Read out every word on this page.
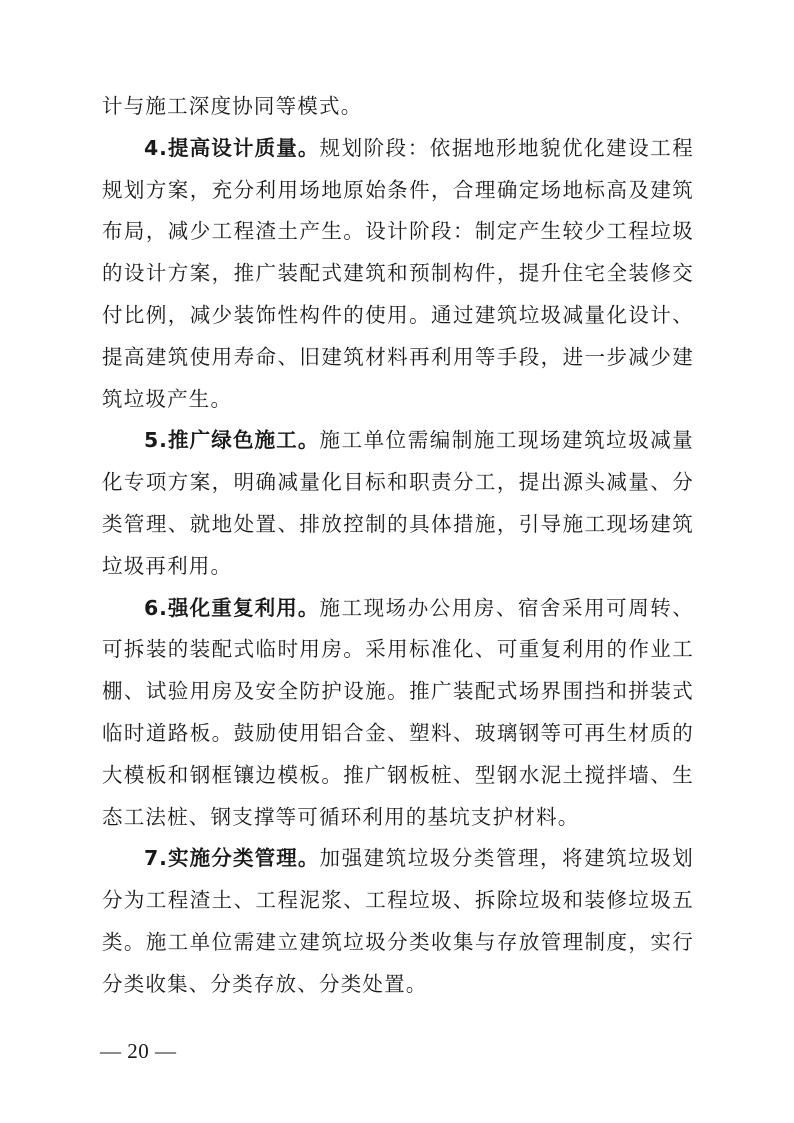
计与施工深度协同等模式。

4.提高设计质量。规划阶段：依据地形地貌优化建设工程规划方案，充分利用场地原始条件，合理确定场地标高及建筑布局，减少工程渣土产生。设计阶段：制定产生较少工程垃圾的设计方案，推广装配式建筑和预制构件，提升住宅全装修交付比例，减少装饰性构件的使用。通过建筑垃圾减量化设计、提高建筑使用寿命、旧建筑材料再利用等手段，进一步减少建筑垃圾产生。

5.推广绿色施工。施工单位需编制施工现场建筑垃圾减量化专项方案，明确减量化目标和职责分工，提出源头减量、分类管理、就地处置、排放控制的具体措施，引导施工现场建筑垃圾再利用。

6.强化重复利用。施工现场办公用房、宿舍采用可周转、可拆装的装配式临时用房。采用标准化、可重复利用的作业工棚、试验用房及安全防护设施。推广装配式场界围挡和拼装式临时道路板。鼓励使用铝合金、塑料、玻璃钢等可再生材质的大模板和钢框镶边模板。推广钢板桩、型钢水泥土搅拌墙、生态工法桩、钢支撑等可循环利用的基坑支护材料。

7.实施分类管理。加强建筑垃圾分类管理，将建筑垃圾划分为工程渣土、工程泥浆、工程垃圾、拆除垃圾和装修垃圾五类。施工单位需建立建筑垃圾分类收集与存放管理制度，实行分类收集、分类存放、分类处置。

— 20 —
